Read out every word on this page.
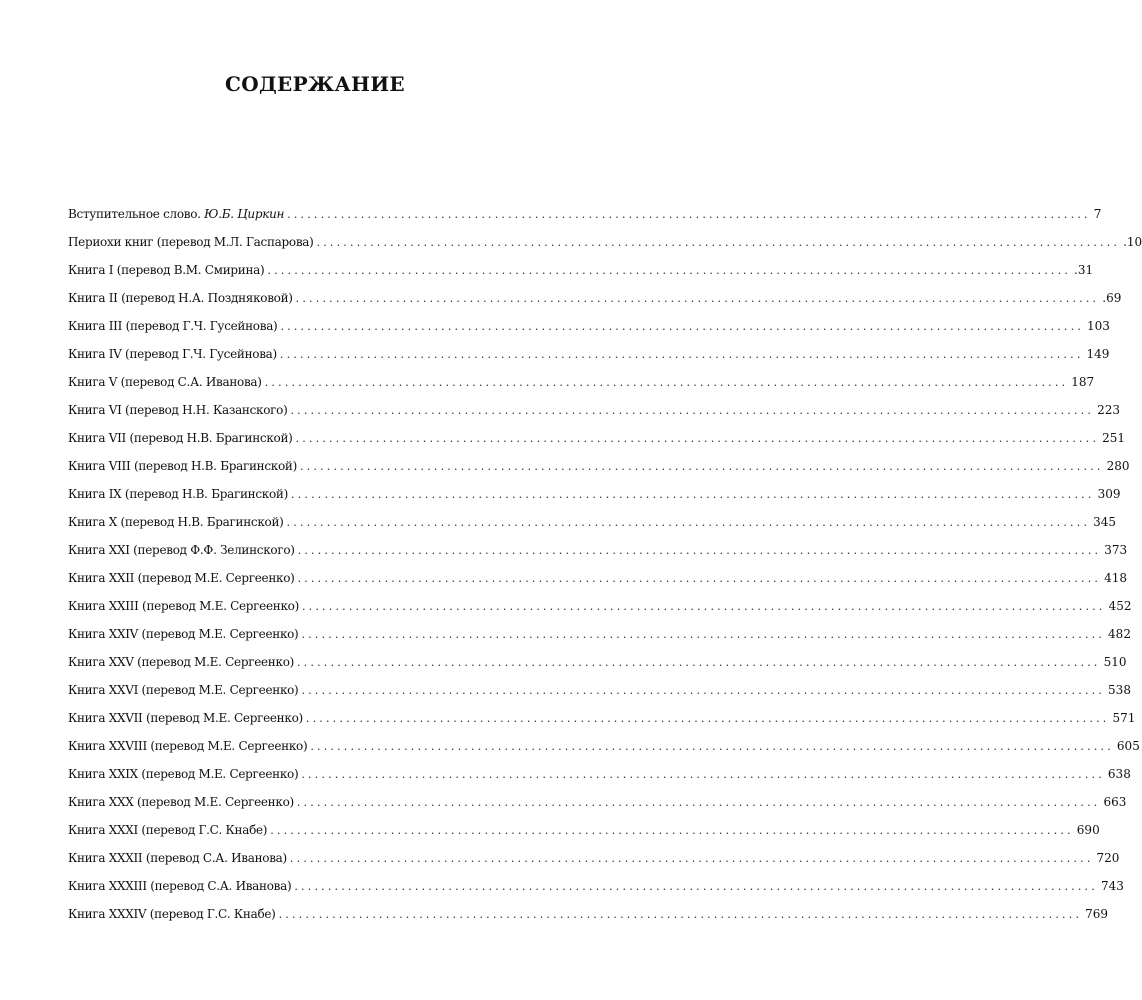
СОДЕРЖАНИЕ
Вступительное слово. Ю.Б. Циркин ........................................................................................................................ 7
Периохи книг (перевод М.Л. Гаспарова) ........................................................................................................................ .10
Книга I (перевод В.М. Смирина) ........................................................................................................................ .31
Книга II (перевод Н.А. Поздняковой) ........................................................................................................................ .69
Книга III (перевод Г.Ч. Гусейнова) ........................................................................................................................ 103
Книга IV (перевод Г.Ч. Гусейнова) ........................................................................................................................ 149
Книга V (перевод С.А. Иванова) ........................................................................................................................ 187
Книга VI (перевод Н.Н. Казанского) ........................................................................................................................ 223
Книга VII (перевод Н.В. Брагинской) ........................................................................................................................ 251
Книга VIII (перевод Н.В. Брагинской) ........................................................................................................................ 280
Книга IX (перевод Н.В. Брагинской) ........................................................................................................................ 309
Книга X (перевод Н.В. Брагинской) ........................................................................................................................ 345
Книга XXI (перевод Ф.Ф. Зелинского) ........................................................................................................................ 373
Книга XXII (перевод М.Е. Сергеенко) ........................................................................................................................ 418
Книга XXIII (перевод М.Е. Сергеенко) ........................................................................................................................ 452
Книга XXIV (перевод М.Е. Сергеенко) ........................................................................................................................ 482
Книга XXV (перевод М.Е. Сергеенко) ........................................................................................................................ 510
Книга XXVI (перевод М.Е. Сергеенко) ........................................................................................................................ 538
Книга XXVII (перевод М.Е. Сергеенко) ........................................................................................................................ 571
Книга XXVIII (перевод М.Е. Сергеенко) ........................................................................................................................ 605
Книга XXIX (перевод М.Е. Сергеенко) ........................................................................................................................ 638
Книга XXX (перевод М.Е. Сергеенко) ........................................................................................................................ 663
Книга XXXI (перевод Г.С. Кнабе) ........................................................................................................................ 690
Книга XXXII (перевод С.А. Иванова) ........................................................................................................................ 720
Книга XXXIII (перевод С.А. Иванова) ........................................................................................................................ 743
Книга XXXIV (перевод Г.С. Кнабе) ........................................................................................................................ 769
